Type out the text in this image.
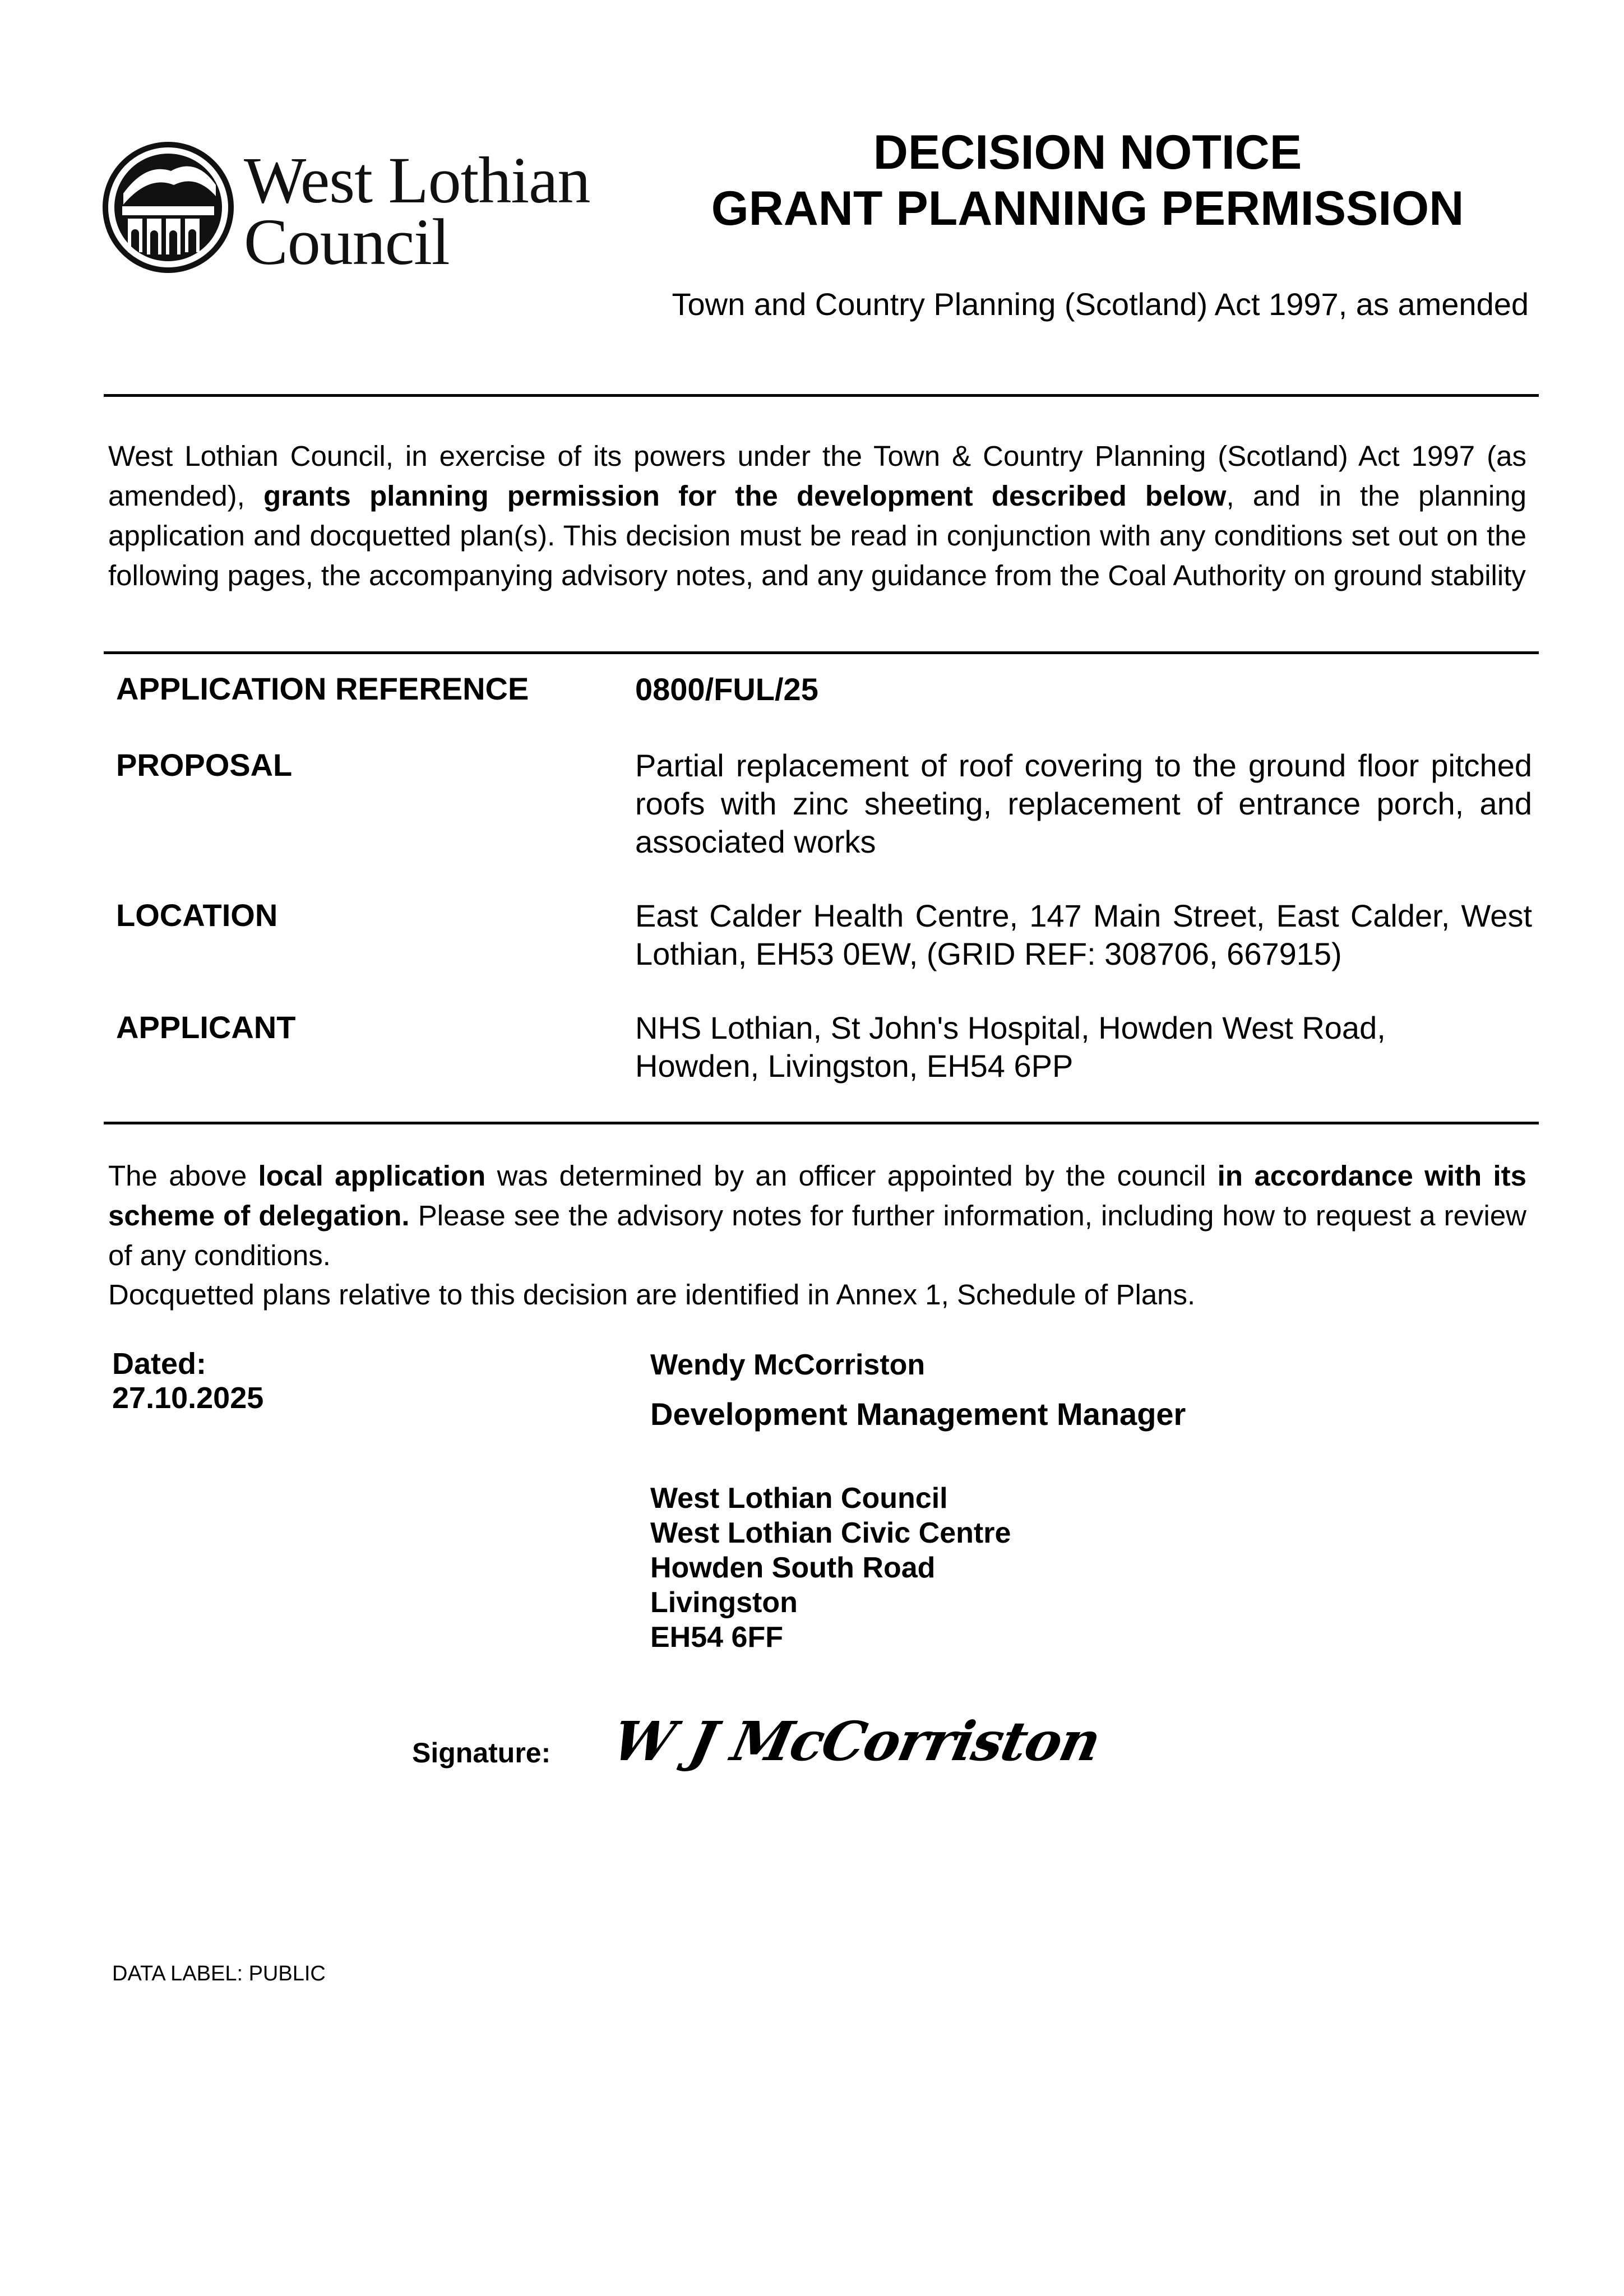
West Lothian
Council
DECISION NOTICE
GRANT PLANNING PERMISSION
Town and Country Planning (Scotland) Act 1997, as amended
West Lothian Council, in exercise of its powers under the Town & Country Planning (Scotland) Act 1997 (as amended), grants planning permission for the development described below, and in the planning application and docquetted plan(s). This decision must be read in conjunction with any conditions set out on the following pages, the accompanying advisory notes, and any guidance from the Coal Authority on ground stability
APPLICATION REFERENCE	0800/FUL/25
PROPOSAL	Partial replacement of roof covering to the ground floor pitched roofs with zinc sheeting, replacement of entrance porch, and associated works
LOCATION	East Calder Health Centre, 147 Main Street, East Calder, West Lothian, EH53 0EW, (GRID REF: 308706, 667915)
APPLICANT	NHS Lothian, St John's Hospital, Howden West Road,
Howden, Livingston, EH54 6PP
The above local application was determined by an officer appointed by the council in accordance with its scheme of delegation. Please see the advisory notes for further information, including how to request a review of any conditions.
Docquetted plans relative to this decision are identified in Annex 1, Schedule of Plans.
Dated:
27.10.2025
Wendy McCorriston
Development Management Manager
West Lothian Council
West Lothian Civic Centre
Howden South Road
Livingston
EH54 6FF
Signature: W J McCorriston
DATA LABEL: PUBLIC
